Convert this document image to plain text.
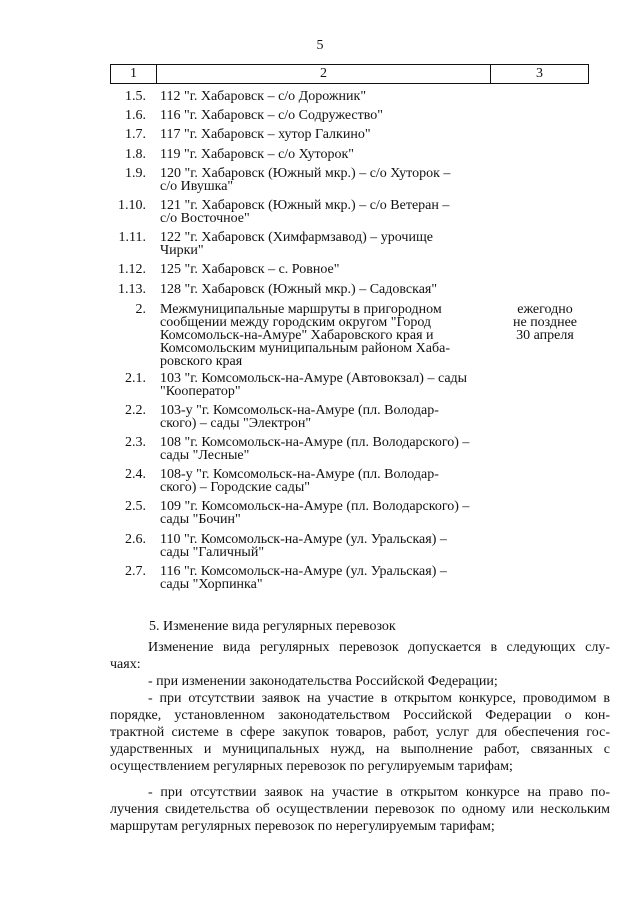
5
1	2	3
1.5. 112 "г. Хабаровск – с/о Дорожник"
1.6. 116 "г. Хабаровск – с/о Содружество"
1.7. 117 "г. Хабаровск – хутор Галкино"
1.8. 119 "г. Хабаровск – с/о Хуторок"
1.9. 120 "г. Хабаровск (Южный мкр.) – с/о Хуторок –
с/о Ивушка"
1.10. 121 "г. Хабаровск (Южный мкр.) – с/о Ветеран –
с/о Восточное"
1.11. 122 "г. Хабаровск (Химфармзавод) – урочище
Чирки"
1.12. 125 "г. Хабаровск – с. Ровное"
1.13. 128 "г. Хабаровск (Южный мкр.) – Садовская"
2. Межмуниципальные маршруты в пригородном
сообщении между городским округом "Город
Комсомольск-на-Амуре" Хабаровского края и
Комсомольским муниципальным районом Хаба-
ровского края
ежегодно
не позднее
30 апреля
2.1. 103 "г. Комсомольск-на-Амуре (Автовокзал) – сады
"Кооператор"
2.2. 103-у "г. Комсомольск-на-Амуре (пл. Володар-
ского) – сады "Электрон"
2.3. 108 "г. Комсомольск-на-Амуре (пл. Володарского) –
сады "Лесные"
2.4. 108-у "г. Комсомольск-на-Амуре (пл. Володар-
ского) – Городские сады"
2.5. 109 "г. Комсомольск-на-Амуре (пл. Володарского) –
сады "Бочин"
2.6. 110 "г. Комсомольск-на-Амуре (ул. Уральская) –
сады "Галичный"
2.7. 116 "г. Комсомольск-на-Амуре (ул. Уральская) –
сады "Хорпинка"
5. Изменение вида регулярных перевозок
Изменение вида регулярных перевозок допускается в следующих слу-
чаях:
- при изменении законодательства Российской Федерации;
- при отсутствии заявок на участие в открытом конкурсе, проводимом в
порядке, установленном законодательством Российской Федерации о кон-
трактной системе в сфере закупок товаров, работ, услуг для обеспечения гос-
ударственных и муниципальных нужд, на выполнение работ, связанных с
осуществлением регулярных перевозок по регулируемым тарифам;
- при отсутствии заявок на участие в открытом конкурсе на право по-
лучения свидетельства об осуществлении перевозок по одному или нескольким
маршрутам регулярных перевозок по нерегулируемым тарифам;
